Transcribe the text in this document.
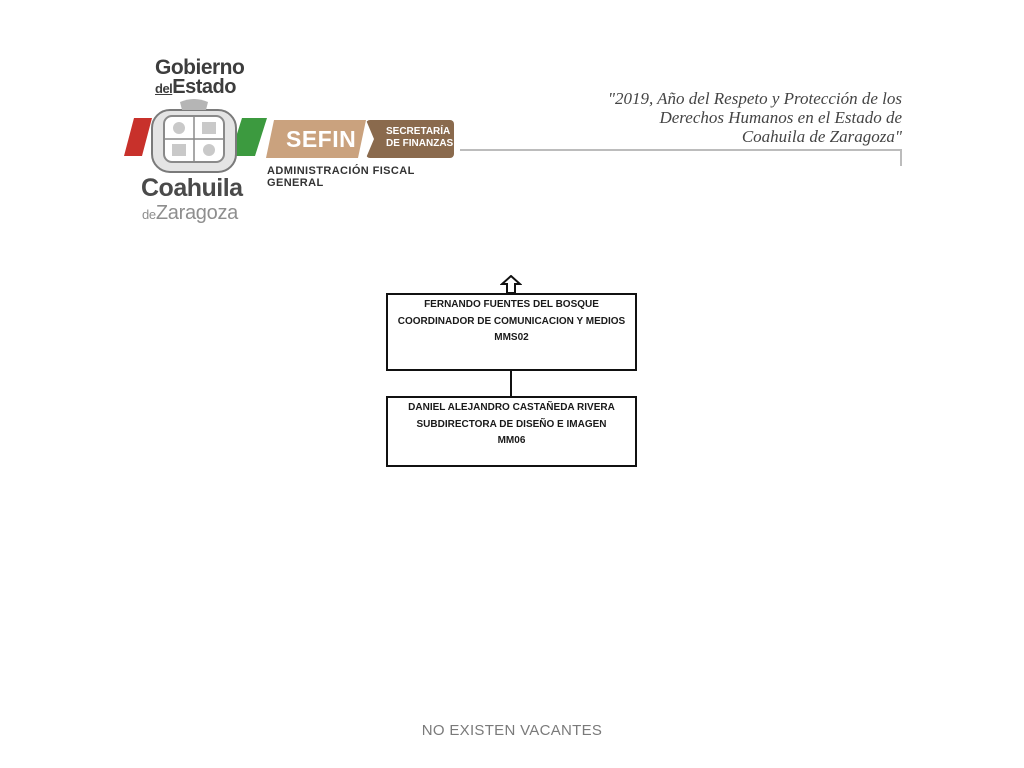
Gobierno
delEstado
Coahuila
deZaragoza
SEFIN	SECRETARÍA
DE FINANZAS
ADMINISTRACIÓN FISCAL GENERAL
"2019, Año del Respeto y Protección de los
Derechos Humanos en el Estado de
Coahuila de Zaragoza"
FERNANDO FUENTES DEL BOSQUE
COORDINADOR DE COMUNICACION Y MEDIOS
MMS02
DANIEL ALEJANDRO CASTAÑEDA RIVERA
SUBDIRECTORA DE DISEÑO E IMAGEN
MM06
NO EXISTEN VACANTES
